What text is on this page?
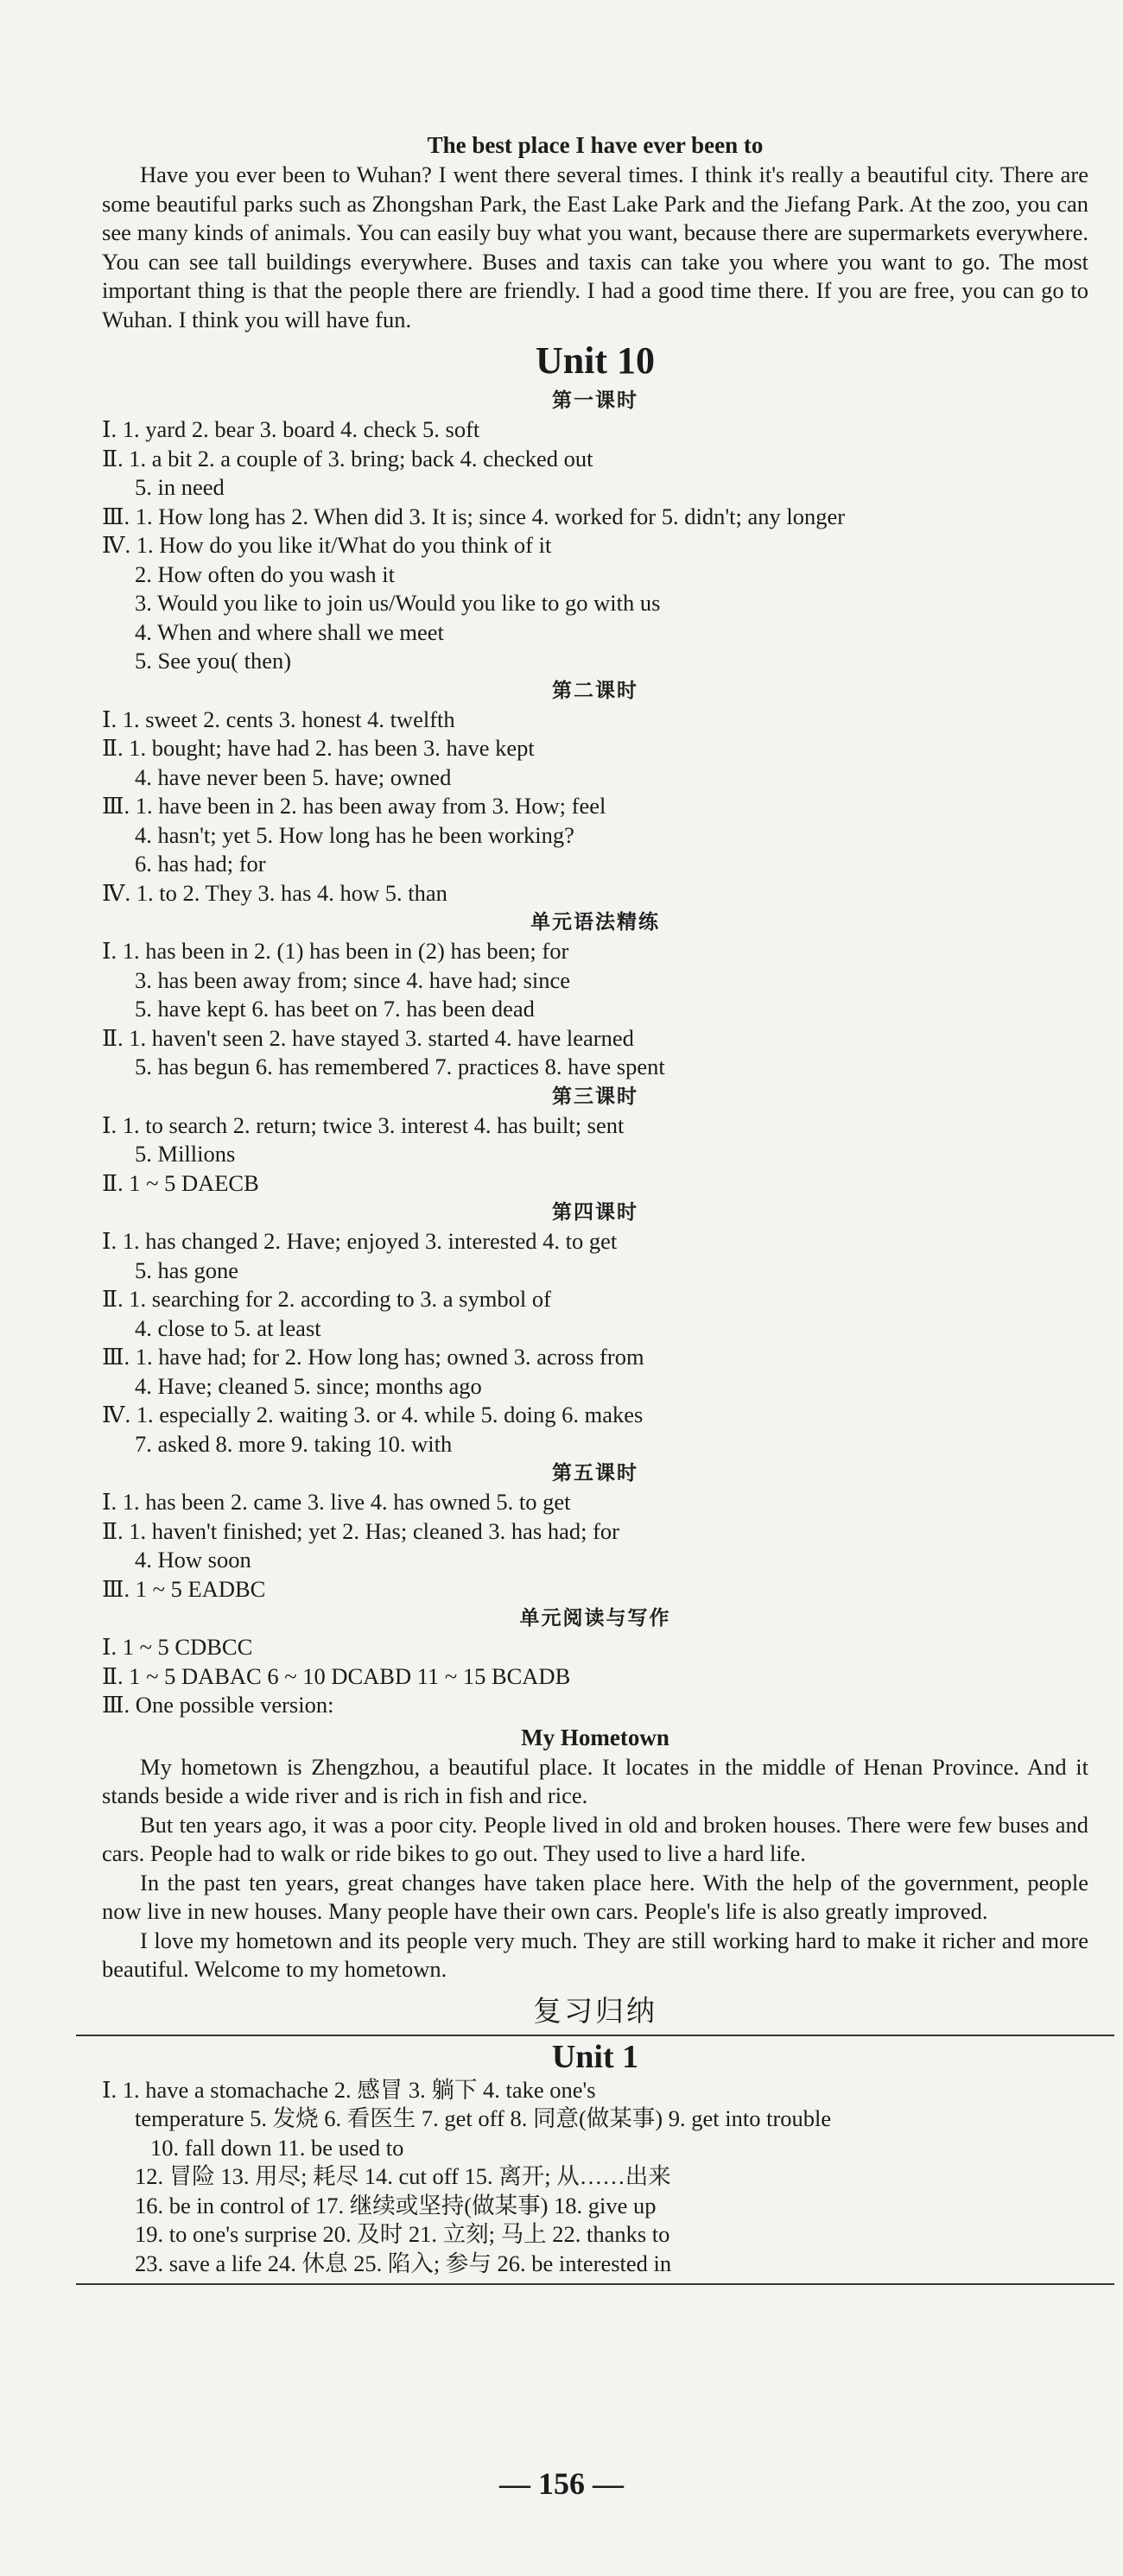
The best place I have ever been to
Have you ever been to Wuhan? I went there several times. I think it's really a beautiful city. There are some beautiful parks such as Zhongshan Park, the East Lake Park and the Jiefang Park. At the zoo, you can see many kinds of animals. You can easily buy what you want, because there are supermarkets everywhere. You can see tall buildings everywhere. Buses and taxis can take you where you want to go. The most important thing is that the people there are friendly. I had a good time there. If you are free, you can go to Wuhan. I think you will have fun.
Unit 10
第一课时
Ⅰ. 1. yard 2. bear 3. board 4. check 5. soft
Ⅱ. 1. a bit 2. a couple of 3. bring; back 4. checked out
5. in need
Ⅲ. 1. How long has 2. When did 3. It is; since 4. worked for 5. didn't; any longer
Ⅳ. 1. How do you like it/What do you think of it
2. How often do you wash it
3. Would you like to join us/Would you like to go with us
4. When and where shall we meet
5. See you( then)
第二课时
Ⅰ. 1. sweet 2. cents 3. honest 4. twelfth
Ⅱ. 1. bought; have had 2. has been 3. have kept
4. have never been 5. have; owned
Ⅲ. 1. have been in 2. has been away from 3. How; feel
4. hasn't; yet 5. How long has he been working?
6. has had; for
Ⅳ. 1. to 2. They 3. has 4. how 5. than
单元语法精练
Ⅰ. 1. has been in 2. (1) has been in (2) has been; for
3. has been away from; since 4. have had; since
5. have kept 6. has beet on 7. has been dead
Ⅱ. 1. haven't seen 2. have stayed 3. started 4. have learned
5. has begun 6. has remembered 7. practices 8. have spent
第三课时
Ⅰ. 1. to search 2. return; twice 3. interest 4. has built; sent
5. Millions
Ⅱ. 1 ~ 5 DAECB
第四课时
Ⅰ. 1. has changed 2. Have; enjoyed 3. interested 4. to get
5. has gone
Ⅱ. 1. searching for 2. according to 3. a symbol of
4. close to 5. at least
Ⅲ. 1. have had; for 2. How long has; owned 3. across from
4. Have; cleaned 5. since; months ago
Ⅳ. 1. especially 2. waiting 3. or 4. while 5. doing 6. makes
7. asked 8. more 9. taking 10. with
第五课时
Ⅰ. 1. has been 2. came 3. live 4. has owned 5. to get
Ⅱ. 1. haven't finished; yet 2. Has; cleaned 3. has had; for
4. How soon
Ⅲ. 1 ~ 5 EADBC
单元阅读与写作
Ⅰ. 1 ~ 5 CDBCC
Ⅱ. 1 ~ 5 DABAC 6 ~ 10 DCABD 11 ~ 15 BCADB
Ⅲ. One possible version:
My Hometown
My hometown is Zhengzhou, a beautiful place. It locates in the middle of Henan Province. And it stands beside a wide river and is rich in fish and rice.
But ten years ago, it was a poor city. People lived in old and broken houses. There were few buses and cars. People had to walk or ride bikes to go out. They used to live a hard life.
In the past ten years, great changes have taken place here. With the help of the government, people now live in new houses. Many people have their own cars. People's life is also greatly improved.
I love my hometown and its people very much. They are still working hard to make it richer and more beautiful. Welcome to my hometown.
复习归纳
Unit 1
Ⅰ. 1. have a stomachache 2. 感冒 3. 躺下 4. take one's
temperature 5. 发烧 6. 看医生 7. get off 8. 同意(做某事) 9. get into trouble
10. fall down 11. be used to
12. 冒险 13. 用尽; 耗尽 14. cut off 15. 离开; 从……出来
16. be in control of 17. 继续或坚持(做某事) 18. give up
19. to one's surprise 20. 及时 21. 立刻; 马上 22. thanks to
23. save a life 24. 休息 25. 陷入; 参与 26. be interested in
— 156 —
